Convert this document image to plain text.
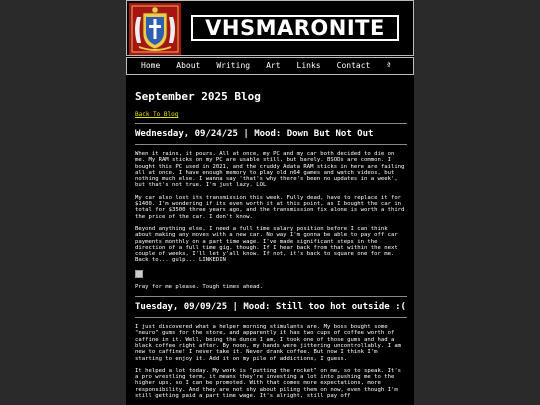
VHSMARONITE
Home	About	Writing	Art	Links	Contact	ª
September 2025 Blog
Back To Blog
Wednesday, 09/24/25 | Mood: Down But Not Out

When it rains, it pours. All at once, my PC and my car both decided to die on me. My RAM sticks on my PC are usable still, but barely. BSODs are common. I bought this PC used in 2021, and the cruddy Adata RAM sticks in here are failing all at once. I have enough memory to play old n64 games and watch videos, but nothing much else. I wanna say 'that's why there's been no updates in a week', but that's not true. I'm just lazy. LOL

My car also lost its transmission this week. Fully dead, have to replace it for $1400. I'm wondering if its even worth it at this point, as I bought the car in total for $3500 three years ago, and the transmission fix alone is worth a third the price of the car. I don't know.

Beyond anything else, I need a full time salary position before I can think about making any moves with a new car. No way I'm gonna be able to pay off car payments monthly on a part time wage. I've made significant steps in the direction of a full time gig, though. If I hear back from that within the next couple of weeks, I'll let y'all know. If not, it's back to square one for me. Back to... gulp... LINKEDIN

Pray for me please. Tough times ahead.

Tuesday, 09/09/25 | Mood: Still too hot outside :(

I just discovered what a helper morning stimulants are. My boss bought some "neuro" gums for the store, and apparently it has two cups of coffee worth of caffine in it. Well, being the dunce I am, I took one of those gums and had a black coffee right after. By noon, my hands were jittering uncontrollably. I am new to caffine! I never take it. Never drank coffee. But now I think I'm starting to enjoy it. Add it on my pile of addictions, I guess.

It helped a lot today. My work is "putting the rocket" on me, so to speak. It's a pro wrestling term, it means they're investing a lot into pushing me to the higher ups, so I can be promoted. With that comes more expectations, more responsibility. And they are not shy about piling them on now, even though I'm still getting paid a part time wage. It's alright, still pay off
